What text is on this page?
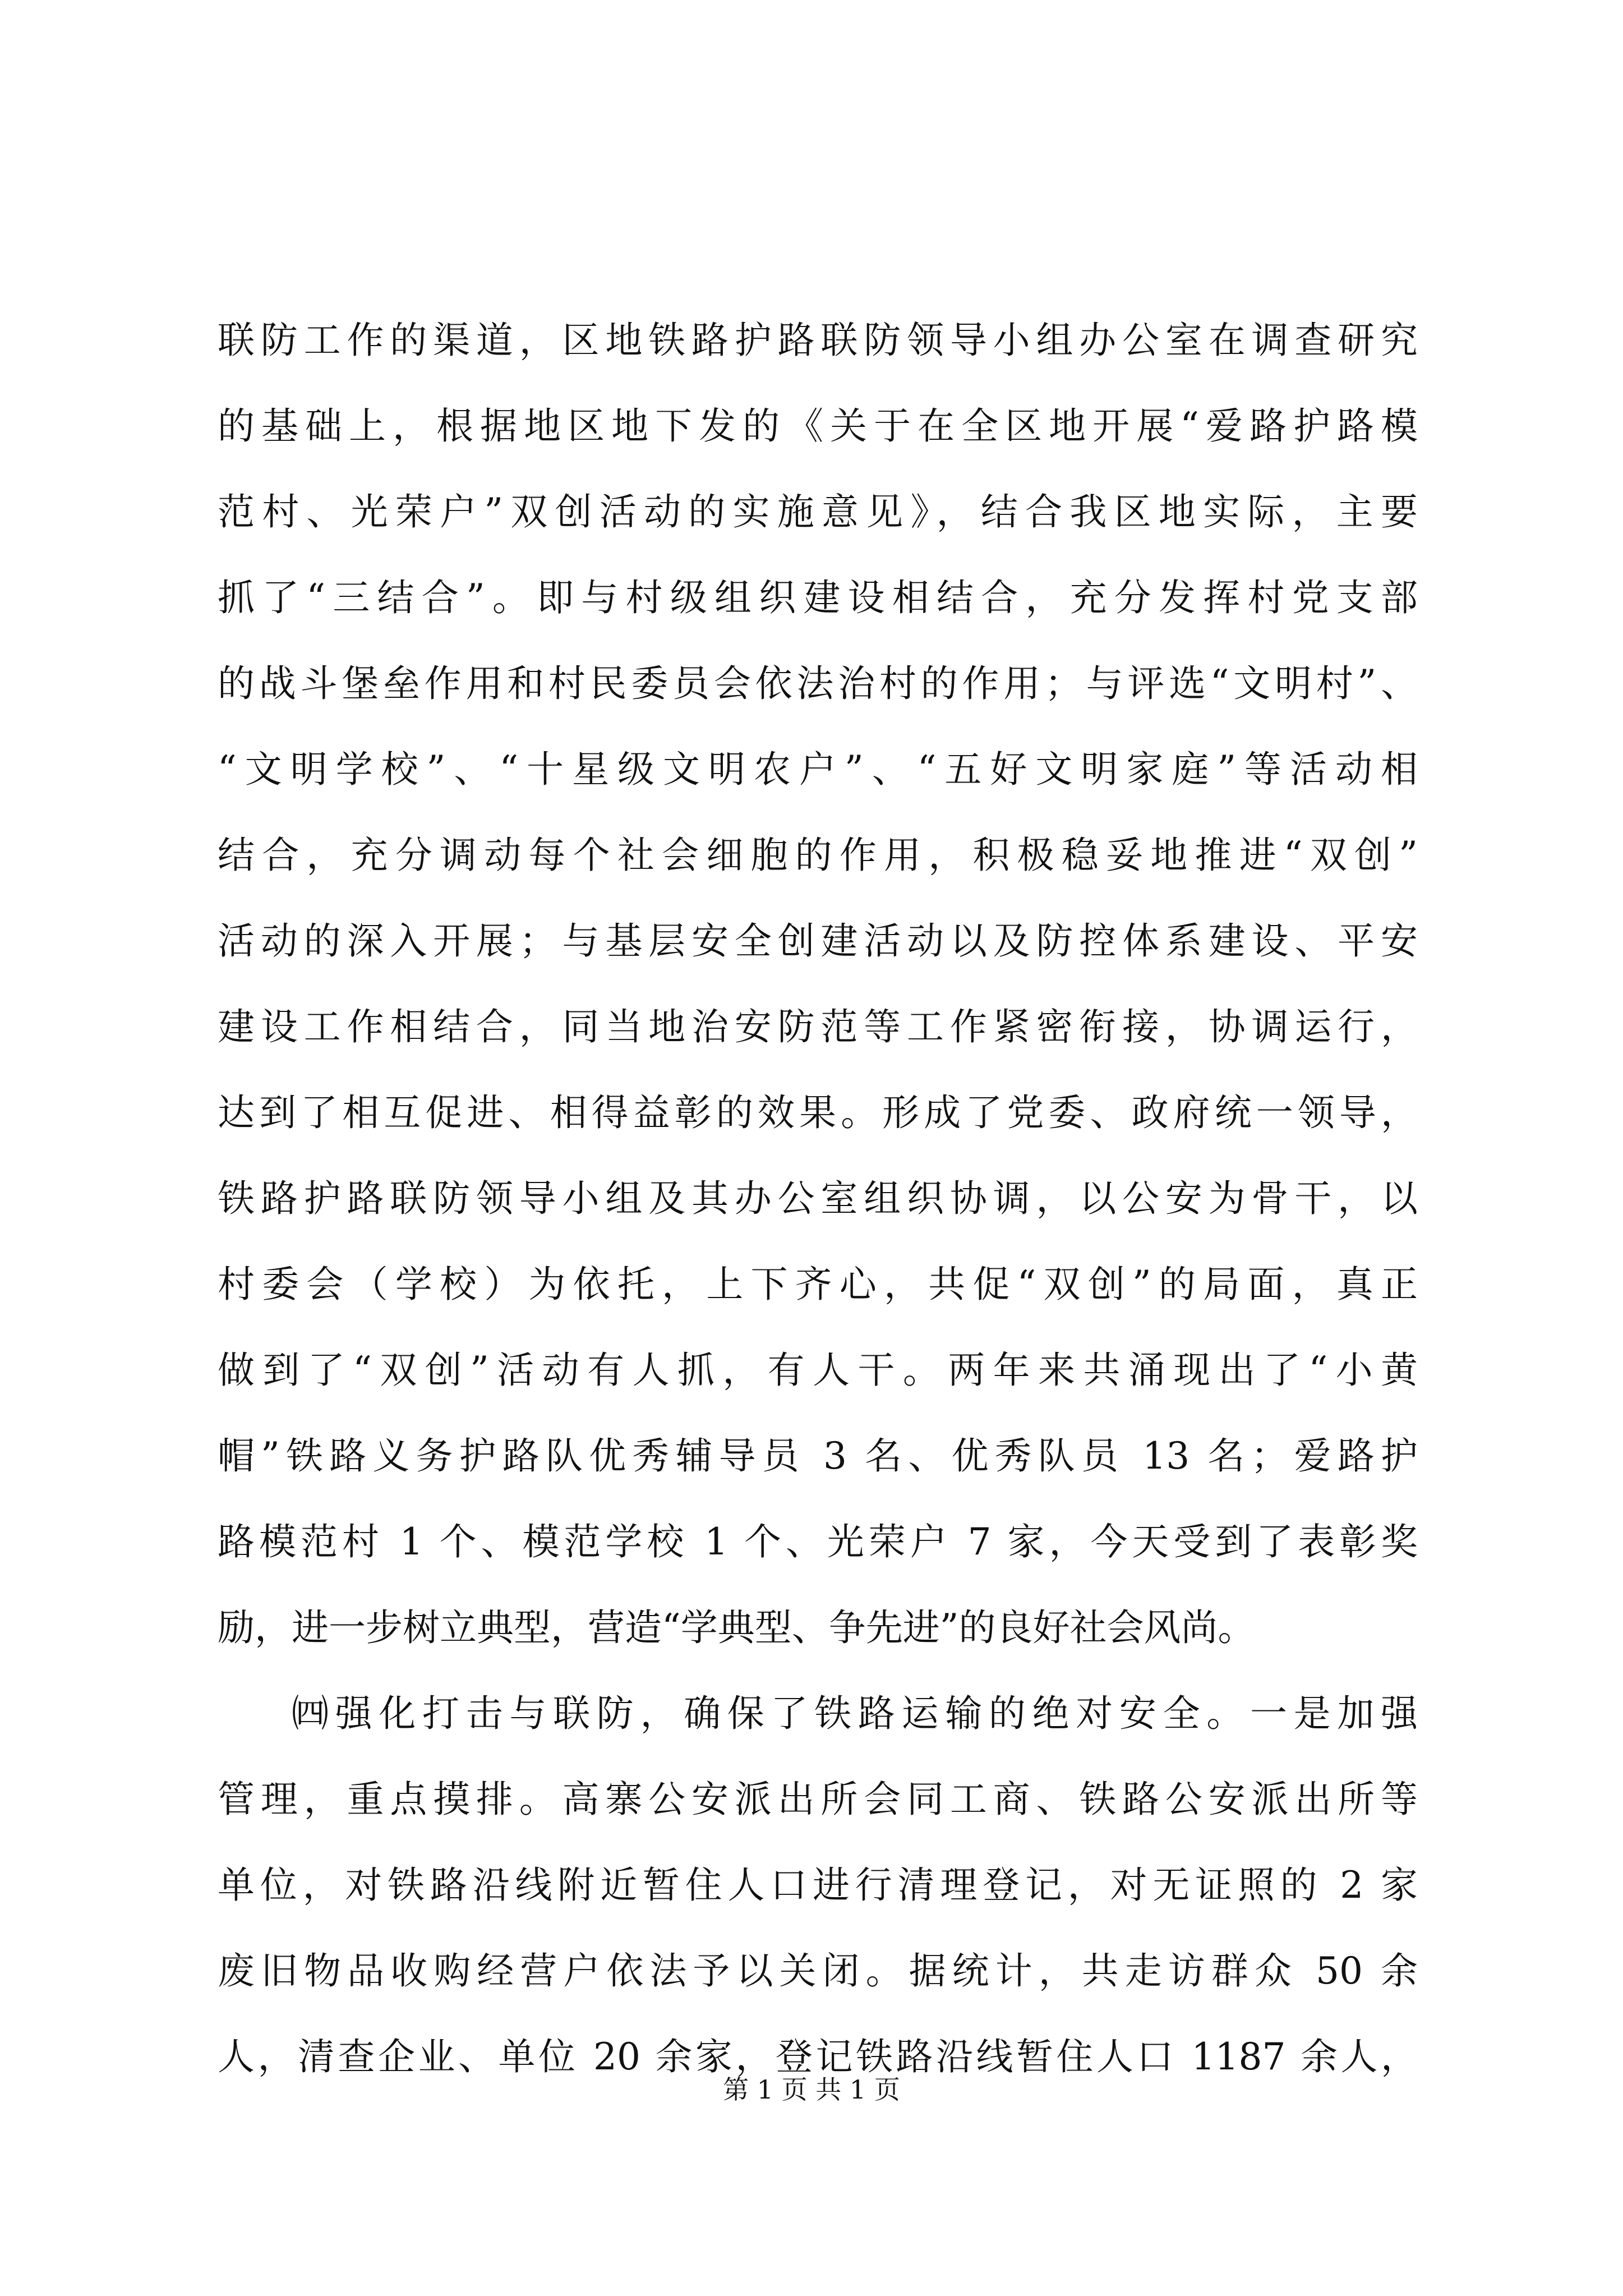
联防工作的渠道，区地铁路护路联防领导小组办公室在调查研究
的基础上，根据地区地下发的《关于在全区地开展“爱路护路模
范村、光荣户”双创活动的实施意见》，结合我区地实际，主要
抓了“三结合”。即与村级组织建设相结合，充分发挥村党支部
的战斗堡垒作用和村民委员会依法治村的作用；与评选“文明村”、
“文明学校”、“十星级文明农户”、“五好文明家庭”等活动相
结合，充分调动每个社会细胞的作用，积极稳妥地推进“双创”
活动的深入开展；与基层安全创建活动以及防控体系建设、平安
建设工作相结合，同当地治安防范等工作紧密衔接，协调运行，
达到了相互促进、相得益彰的效果。形成了党委、政府统一领导，
铁路护路联防领导小组及其办公室组织协调，以公安为骨干，以
村委会（学校）为依托，上下齐心，共促“双创”的局面，真正
做到了“双创”活动有人抓，有人干。两年来共涌现出了“小黄
帽”铁路义务护路队优秀辅导员 3 名、优秀队员 13 名；爱路护
路模范村 1 个、模范学校 1 个、光荣户 7 家，今天受到了表彰奖
励，进一步树立典型，营造“学典型、争先进”的良好社会风尚。
㈣强化打击与联防，确保了铁路运输的绝对安全。一是加强
管理，重点摸排。高寨公安派出所会同工商、铁路公安派出所等
单位，对铁路沿线附近暂住人口进行清理登记，对无证照的 2 家
废旧物品收购经营户依法予以关闭。据统计，共走访群众 50 余
人，清查企业、单位 20 余家，登记铁路沿线暂住人口 1187 余人，
第 1 页 共 1 页
